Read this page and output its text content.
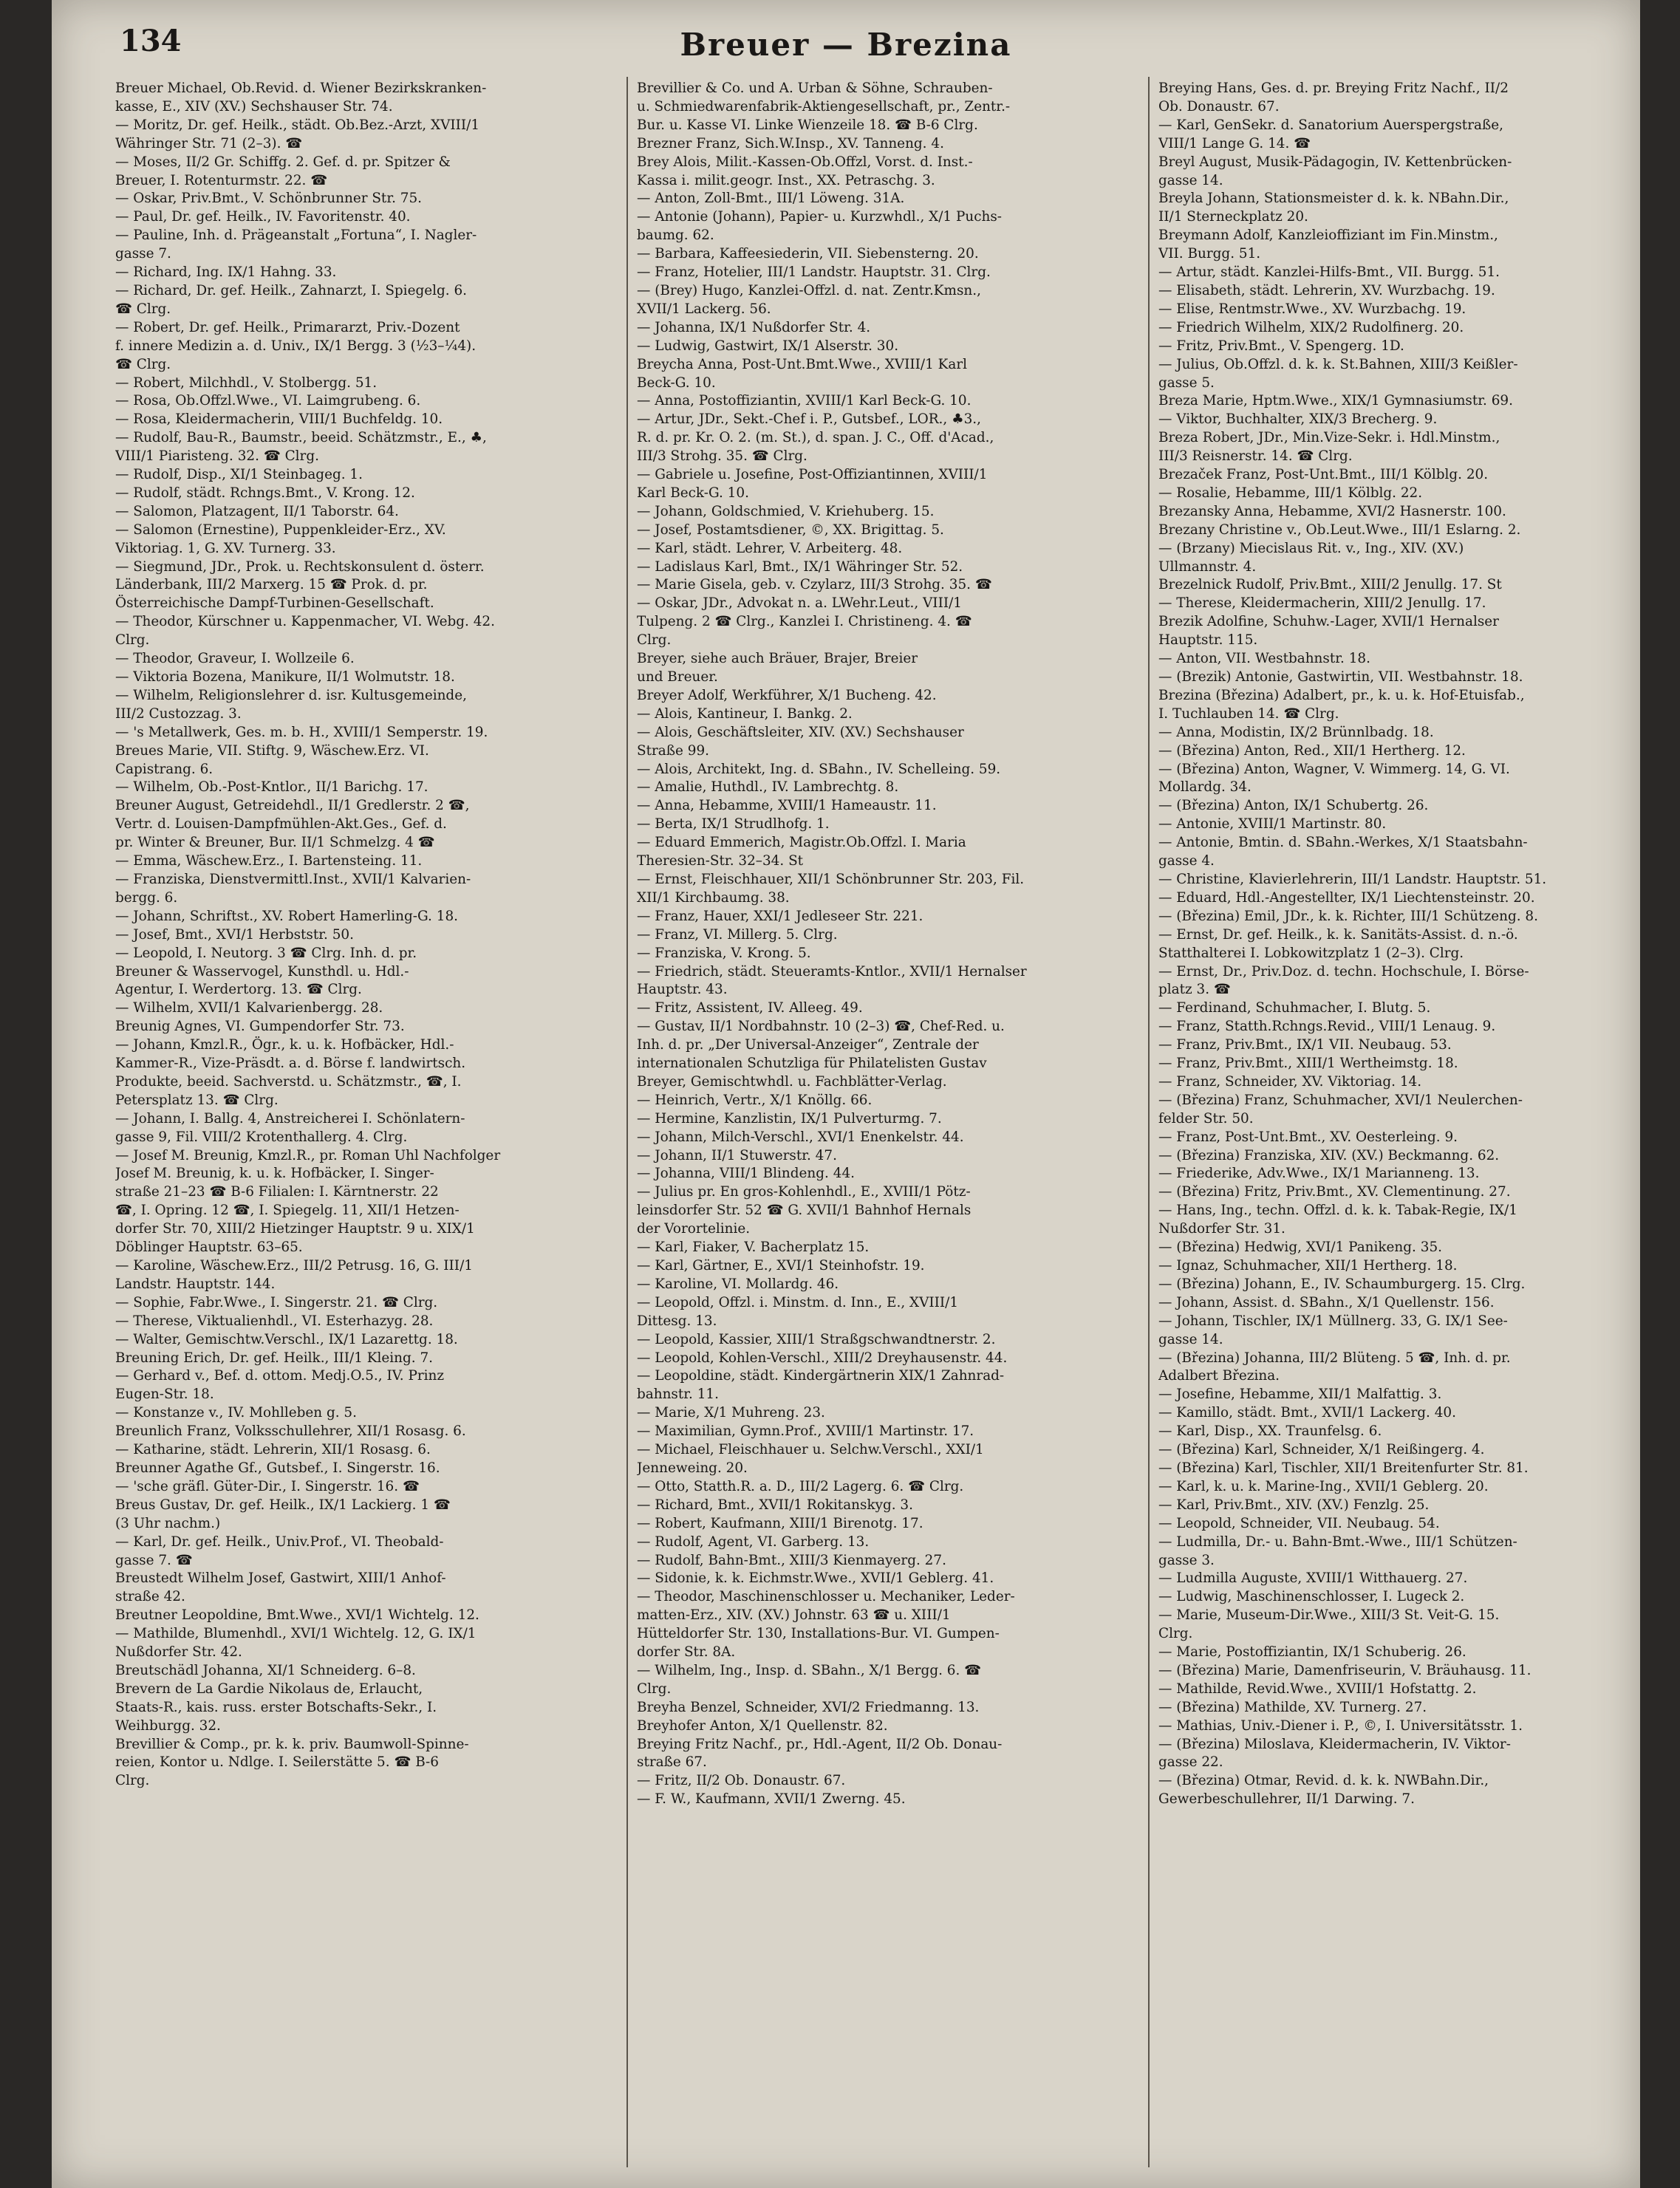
134	Breuer — Brezina
Breuer Michael, Ob.Revid. d. Wiener Bezirkskranken-
kasse, E., XIV (XV.) Sechshauser Str. 74.
— Moritz, Dr. gef. Heilk., städt. Ob.Bez.-Arzt, XVIII/1
Währinger Str. 71 (2–3). ☎
— Moses, II/2 Gr. Schiffg. 2. Gef. d. pr. Spitzer &
Breuer, I. Rotenturmstr. 22. ☎
— Oskar, Priv.Bmt., V. Schönbrunner Str. 75.
— Paul, Dr. gef. Heilk., IV. Favoritenstr. 40.
— Pauline, Inh. d. Prägeanstalt „Fortuna“, I. Nagler-
gasse 7.
— Richard, Ing. IX/1 Hahng. 33.
— Richard, Dr. gef. Heilk., Zahnarzt, I. Spiegelg. 6.
☎ Clrg.
— Robert, Dr. gef. Heilk., Primararzt, Priv.-Dozent
f. innere Medizin a. d. Univ., IX/1 Bergg. 3 (½3–¼4).
☎ Clrg.
— Robert, Milchhdl., V. Stolbergg. 51.
— Rosa, Ob.Offzl.Wwe., VI. Laimgrubeng. 6.
— Rosa, Kleidermacherin, VIII/1 Buchfeldg. 10.
— Rudolf, Bau-R., Baumstr., beeid. Schätzmstr., E., ♣,
VIII/1 Piaristeng. 32. ☎ Clrg.
— Rudolf, Disp., XI/1 Steinbageg. 1.
— Rudolf, städt. Rchngs.Bmt., V. Krong. 12.
— Salomon, Platzagent, II/1 Taborstr. 64.
— Salomon (Ernestine), Puppenkleider-Erz., XV.
Viktoriag. 1, G. XV. Turnerg. 33.
— Siegmund, JDr., Prok. u. Rechtskonsulent d. österr.
Länderbank, III/2 Marxerg. 15 ☎ Prok. d. pr.
Österreichische Dampf-Turbinen-Gesellschaft.
— Theodor, Kürschner u. Kappenmacher, VI. Webg. 42.
Clrg.
— Theodor, Graveur, I. Wollzeile 6.
— Viktoria Bozena, Manikure, II/1 Wolmutstr. 18.
— Wilhelm, Religionslehrer d. isr. Kultusgemeinde,
III/2 Custozzag. 3.
— 's Metallwerk, Ges. m. b. H., XVIII/1 Semperstr. 19.
Breues Marie, VII. Stiftg. 9, Wäschew.Erz. VI.
Capistrang. 6.
— Wilhelm, Ob.-Post-Kntlor., II/1 Barichg. 17.
Breuner August, Getreidehdl., II/1 Gredlerstr. 2 ☎,
Vertr. d. Louisen-Dampfmühlen-Akt.Ges., Gef. d.
pr. Winter & Breuner, Bur. II/1 Schmelzg. 4 ☎
— Emma, Wäschew.Erz., I. Bartensteing. 11.
— Franziska, Dienstvermittl.Inst., XVII/1 Kalvarien-
bergg. 6.
— Johann, Schriftst., XV. Robert Hamerling-G. 18.
— Josef, Bmt., XVI/1 Herbststr. 50.
— Leopold, I. Neutorg. 3 ☎ Clrg. Inh. d. pr.
Breuner & Wasservogel, Kunsthdl. u. Hdl.-
Agentur, I. Werdertorg. 13. ☎ Clrg.
— Wilhelm, XVII/1 Kalvarienbergg. 28.
Breunig Agnes, VI. Gumpendorfer Str. 73.
— Johann, Kmzl.R., Ögr., k. u. k. Hofbäcker, Hdl.-
Kammer-R., Vize-Präsdt. a. d. Börse f. landwirtsch.
Produkte, beeid. Sachverstd. u. Schätzmstr., ☎, I.
Petersplatz 13. ☎ Clrg.
— Johann, I. Ballg. 4, Anstreicherei I. Schönlatern-
gasse 9, Fil. VIII/2 Krotenthallerg. 4. Clrg.
— Josef M. Breunig, Kmzl.R., pr. Roman Uhl Nachfolger
Josef M. Breunig, k. u. k. Hofbäcker, I. Singer-
straße 21–23 ☎ B-6 Filialen: I. Kärntnerstr. 22
☎, I. Opring. 12 ☎, I. Spiegelg. 11, XII/1 Hetzen-
dorfer Str. 70, XIII/2 Hietzinger Hauptstr. 9 u. XIX/1
Döblinger Hauptstr. 63–65.
— Karoline, Wäschew.Erz., III/2 Petrusg. 16, G. III/1
Landstr. Hauptstr. 144.
— Sophie, Fabr.Wwe., I. Singerstr. 21. ☎ Clrg.
— Therese, Viktualienhdl., VI. Esterhazyg. 28.
— Walter, Gemischtw.Verschl., IX/1 Lazarettg. 18.
Breuning Erich, Dr. gef. Heilk., III/1 Kleing. 7.
— Gerhard v., Bef. d. ottom. Medj.O.5., IV. Prinz
Eugen-Str. 18.
— Konstanze v., IV. Mohlleben g. 5.
Breunlich Franz, Volksschullehrer, XII/1 Rosasg. 6.
— Katharine, städt. Lehrerin, XII/1 Rosasg. 6.
Breunner Agathe Gf., Gutsbef., I. Singerstr. 16.
— 'sche gräfl. Güter-Dir., I. Singerstr. 16. ☎
Breus Gustav, Dr. gef. Heilk., IX/1 Lackierg. 1 ☎
(3 Uhr nachm.)
— Karl, Dr. gef. Heilk., Univ.Prof., VI. Theobald-
gasse 7. ☎
Breustedt Wilhelm Josef, Gastwirt, XIII/1 Anhof-
straße 42.
Breutner Leopoldine, Bmt.Wwe., XVI/1 Wichtelg. 12.
— Mathilde, Blumenhdl., XVI/1 Wichtelg. 12, G. IX/1
Nußdorfer Str. 42.
Breutschädl Johanna, XI/1 Schneiderg. 6–8.
Brevern de La Gardie Nikolaus de, Erlaucht,
Staats-R., kais. russ. erster Botschafts-Sekr., I.
Weihburgg. 32.
Brevillier & Comp., pr. k. k. priv. Baumwoll-Spinne-
reien, Kontor u. Ndlge. I. Seilerstätte 5. ☎ B-6
Clrg.
Brevillier & Co. und A. Urban & Söhne, Schrauben-
u. Schmiedwarenfabrik-Aktiengesellschaft, pr., Zentr.-
Bur. u. Kasse VI. Linke Wienzeile 18. ☎ B-6 Clrg.
Brezner Franz, Sich.W.Insp., XV. Tanneng. 4.
Brey Alois, Milit.-Kassen-Ob.Offzl, Vorst. d. Inst.-
Kassa i. milit.geogr. Inst., XX. Petraschg. 3.
— Anton, Zoll-Bmt., III/1 Löweng. 31A.
— Antonie (Johann), Papier- u. Kurzwhdl., X/1 Puchs-
baumg. 62.
— Barbara, Kaffeesiederin, VII. Siebensterng. 20.
— Franz, Hotelier, III/1 Landstr. Hauptstr. 31. Clrg.
— (Brey) Hugo, Kanzlei-Offzl. d. nat. Zentr.Kmsn.,
XVII/1 Lackerg. 56.
— Johanna, IX/1 Nußdorfer Str. 4.
— Ludwig, Gastwirt, IX/1 Alserstr. 30.
Breycha Anna, Post-Unt.Bmt.Wwe., XVIII/1 Karl
Beck-G. 10.
— Anna, Postoffiziantin, XVIII/1 Karl Beck-G. 10.
— Artur, JDr., Sekt.-Chef i. P., Gutsbef., LOR., ♣3.,
R. d. pr. Kr. O. 2. (m. St.), d. span. J. C., Off. d'Acad.,
III/3 Strohg. 35. ☎ Clrg.
— Gabriele u. Josefine, Post-Offiziantinnen, XVIII/1
Karl Beck-G. 10.
— Johann, Goldschmied, V. Kriehuberg. 15.
— Josef, Postamtsdiener, ©, XX. Brigittag. 5.
— Karl, städt. Lehrer, V. Arbeiterg. 48.
— Ladislaus Karl, Bmt., IX/1 Währinger Str. 52.
— Marie Gisela, geb. v. Czylarz, III/3 Strohg. 35. ☎
— Oskar, JDr., Advokat n. a. LWehr.Leut., VIII/1
Tulpeng. 2 ☎ Clrg., Kanzlei I. Christineng. 4. ☎
Clrg.
Breyer, siehe auch Bräuer, Brajer, Breier
und Breuer.
Breyer Adolf, Werkführer, X/1 Bucheng. 42.
— Alois, Kantineur, I. Bankg. 2.
— Alois, Geschäftsleiter, XIV. (XV.) Sechshauser
Straße 99.
— Alois, Architekt, Ing. d. SBahn., IV. Schelleing. 59.
— Amalie, Huthdl., IV. Lambrechtg. 8.
— Anna, Hebamme, XVIII/1 Hameaustr. 11.
— Berta, IX/1 Strudlhofg. 1.
— Eduard Emmerich, Magistr.Ob.Offzl. I. Maria
Theresien-Str. 32–34. St
— Ernst, Fleischhauer, XII/1 Schönbrunner Str. 203, Fil.
XII/1 Kirchbaumg. 38.
— Franz, Hauer, XXI/1 Jedleseer Str. 221.
— Franz, VI. Millerg. 5. Clrg.
— Franziska, V. Krong. 5.
— Friedrich, städt. Steueramts-Kntlor., XVII/1 Hernalser
Hauptstr. 43.
— Fritz, Assistent, IV. Alleeg. 49.
— Gustav, II/1 Nordbahnstr. 10 (2–3) ☎, Chef-Red. u.
Inh. d. pr. „Der Universal-Anzeiger“, Zentrale der
internationalen Schutzliga für Philatelisten Gustav
Breyer, Gemischtwhdl. u. Fachblätter-Verlag.
— Heinrich, Vertr., X/1 Knöllg. 66.
— Hermine, Kanzlistin, IX/1 Pulverturmg. 7.
— Johann, Milch-Verschl., XVI/1 Enenkelstr. 44.
— Johann, II/1 Stuwerstr. 47.
— Johanna, VIII/1 Blindeng. 44.
— Julius pr. En gros-Kohlenhdl., E., XVIII/1 Pötz-
leinsdorfer Str. 52 ☎ G. XVII/1 Bahnhof Hernals
der Vorortelinie.
— Karl, Fiaker, V. Bacherplatz 15.
— Karl, Gärtner, E., XVI/1 Steinhofstr. 19.
— Karoline, VI. Mollardg. 46.
— Leopold, Offzl. i. Minstm. d. Inn., E., XVIII/1
Dittesg. 13.
— Leopold, Kassier, XIII/1 Straßgschwandtnerstr. 2.
— Leopold, Kohlen-Verschl., XIII/2 Dreyhausenstr. 44.
— Leopoldine, städt. Kindergärtnerin XIX/1 Zahnrad-
bahnstr. 11.
— Marie, X/1 Muhreng. 23.
— Maximilian, Gymn.Prof., XVIII/1 Martinstr. 17.
— Michael, Fleischhauer u. Selchw.Verschl., XXI/1
Jenneweing. 20.
— Otto, Statth.R. a. D., III/2 Lagerg. 6. ☎ Clrg.
— Richard, Bmt., XVII/1 Rokitanskyg. 3.
— Robert, Kaufmann, XIII/1 Birenotg. 17.
— Rudolf, Agent, VI. Garberg. 13.
— Rudolf, Bahn-Bmt., XIII/3 Kienmayerg. 27.
— Sidonie, k. k. Eichmstr.Wwe., XVII/1 Geblerg. 41.
— Theodor, Maschinenschlosser u. Mechaniker, Leder-
matten-Erz., XIV. (XV.) Johnstr. 63 ☎ u. XIII/1
Hütteldorfer Str. 130, Installations-Bur. VI. Gumpen-
dorfer Str. 8A.
— Wilhelm, Ing., Insp. d. SBahn., X/1 Bergg. 6. ☎
Clrg.
Breyha Benzel, Schneider, XVI/2 Friedmanng. 13.
Breyhofer Anton, X/1 Quellenstr. 82.
Breying Fritz Nachf., pr., Hdl.-Agent, II/2 Ob. Donau-
straße 67.
— Fritz, II/2 Ob. Donaustr. 67.
— F. W., Kaufmann, XVII/1 Zwerng. 45.
Breying Hans, Ges. d. pr. Breying Fritz Nachf., II/2
Ob. Donaustr. 67.
— Karl, GenSekr. d. Sanatorium Auerspergstraße,
VIII/1 Lange G. 14. ☎
Breyl August, Musik-Pädagogin, IV. Kettenbrücken-
gasse 14.
Breyla Johann, Stationsmeister d. k. k. NBahn.Dir.,
II/1 Sterneckplatz 20.
Breymann Adolf, Kanzleioffiziant im Fin.Minstm.,
VII. Burgg. 51.
— Artur, städt. Kanzlei-Hilfs-Bmt., VII. Burgg. 51.
— Elisabeth, städt. Lehrerin, XV. Wurzbachg. 19.
— Elise, Rentmstr.Wwe., XV. Wurzbachg. 19.
— Friedrich Wilhelm, XIX/2 Rudolfinerg. 20.
— Fritz, Priv.Bmt., V. Spengerg. 1D.
— Julius, Ob.Offzl. d. k. k. St.Bahnen, XIII/3 Keißler-
gasse 5.
Breza Marie, Hptm.Wwe., XIX/1 Gymnasiumstr. 69.
— Viktor, Buchhalter, XIX/3 Brecherg. 9.
Breza Robert, JDr., Min.Vize-Sekr. i. Hdl.Minstm.,
III/3 Reisnerstr. 14. ☎ Clrg.
Brezaček Franz, Post-Unt.Bmt., III/1 Kölblg. 20.
— Rosalie, Hebamme, III/1 Kölblg. 22.
Brezansky Anna, Hebamme, XVI/2 Hasnerstr. 100.
Brezany Christine v., Ob.Leut.Wwe., III/1 Eslarng. 2.
— (Brzany) Miecislaus Rit. v., Ing., XIV. (XV.)
Ullmannstr. 4.
Brezelnick Rudolf, Priv.Bmt., XIII/2 Jenullg. 17. St
— Therese, Kleidermacherin, XIII/2 Jenullg. 17.
Brezik Adolfine, Schuhw.-Lager, XVII/1 Hernalser
Hauptstr. 115.
— Anton, VII. Westbahnstr. 18.
— (Brezik) Antonie, Gastwirtin, VII. Westbahnstr. 18.
Brezina (Březina) Adalbert, pr., k. u. k. Hof-Etuisfab.,
I. Tuchlauben 14. ☎ Clrg.
— Anna, Modistin, IX/2 Brünnlbadg. 18.
— (Březina) Anton, Red., XII/1 Hertherg. 12.
— (Březina) Anton, Wagner, V. Wimmerg. 14, G. VI.
Mollardg. 34.
— (Březina) Anton, IX/1 Schubertg. 26.
— Antonie, XVIII/1 Martinstr. 80.
— Antonie, Bmtin. d. SBahn.-Werkes, X/1 Staatsbahn-
gasse 4.
— Christine, Klavierlehrerin, III/1 Landstr. Hauptstr. 51.
— Eduard, Hdl.-Angestellter, IX/1 Liechtensteinstr. 20.
— (Březina) Emil, JDr., k. k. Richter, III/1 Schützeng. 8.
— Ernst, Dr. gef. Heilk., k. k. Sanitäts-Assist. d. n.-ö.
Statthalterei I. Lobkowitzplatz 1 (2–3). Clrg.
— Ernst, Dr., Priv.Doz. d. techn. Hochschule, I. Börse-
platz 3. ☎
— Ferdinand, Schuhmacher, I. Blutg. 5.
— Franz, Statth.Rchngs.Revid., VIII/1 Lenaug. 9.
— Franz, Priv.Bmt., IX/1 VII. Neubaug. 53.
— Franz, Priv.Bmt., XIII/1 Wertheimstg. 18.
— Franz, Schneider, XV. Viktoriag. 14.
— (Březina) Franz, Schuhmacher, XVI/1 Neulerchen-
felder Str. 50.
— Franz, Post-Unt.Bmt., XV. Oesterleing. 9.
— (Březina) Franziska, XIV. (XV.) Beckmanng. 62.
— Friederike, Adv.Wwe., IX/1 Marianneng. 13.
— (Březina) Fritz, Priv.Bmt., XV. Clementinung. 27.
— Hans, Ing., techn. Offzl. d. k. k. Tabak-Regie, IX/1
Nußdorfer Str. 31.
— (Březina) Hedwig, XVI/1 Panikeng. 35.
— Ignaz, Schuhmacher, XII/1 Hertherg. 18.
— (Březina) Johann, E., IV. Schaumburgerg. 15. Clrg.
— Johann, Assist. d. SBahn., X/1 Quellenstr. 156.
— Johann, Tischler, IX/1 Müllnerg. 33, G. IX/1 See-
gasse 14.
— (Březina) Johanna, III/2 Blüteng. 5 ☎, Inh. d. pr.
Adalbert Březina.
— Josefine, Hebamme, XII/1 Malfattig. 3.
— Kamillo, städt. Bmt., XVII/1 Lackerg. 40.
— Karl, Disp., XX. Traunfelsg. 6.
— (Březina) Karl, Schneider, X/1 Reißingerg. 4.
— (Březina) Karl, Tischler, XII/1 Breitenfurter Str. 81.
— Karl, k. u. k. Marine-Ing., XVII/1 Geblerg. 20.
— Karl, Priv.Bmt., XIV. (XV.) Fenzlg. 25.
— Leopold, Schneider, VII. Neubaug. 54.
— Ludmilla, Dr.- u. Bahn-Bmt.-Wwe., III/1 Schützen-
gasse 3.
— Ludmilla Auguste, XVIII/1 Witthauerg. 27.
— Ludwig, Maschinenschlosser, I. Lugeck 2.
— Marie, Museum-Dir.Wwe., XIII/3 St. Veit-G. 15.
Clrg.
— Marie, Postoffiziantin, IX/1 Schuberig. 26.
— (Březina) Marie, Damenfriseurin, V. Bräuhausg. 11.
— Mathilde, Revid.Wwe., XVIII/1 Hofstattg. 2.
— (Březina) Mathilde, XV. Turnerg. 27.
— Mathias, Univ.-Diener i. P., ©, I. Universitätsstr. 1.
— (Březina) Miloslava, Kleidermacherin, IV. Viktor-
gasse 22.
— (Březina) Otmar, Revid. d. k. k. NWBahn.Dir.,
Gewerbeschullehrer, II/1 Darwing. 7.
